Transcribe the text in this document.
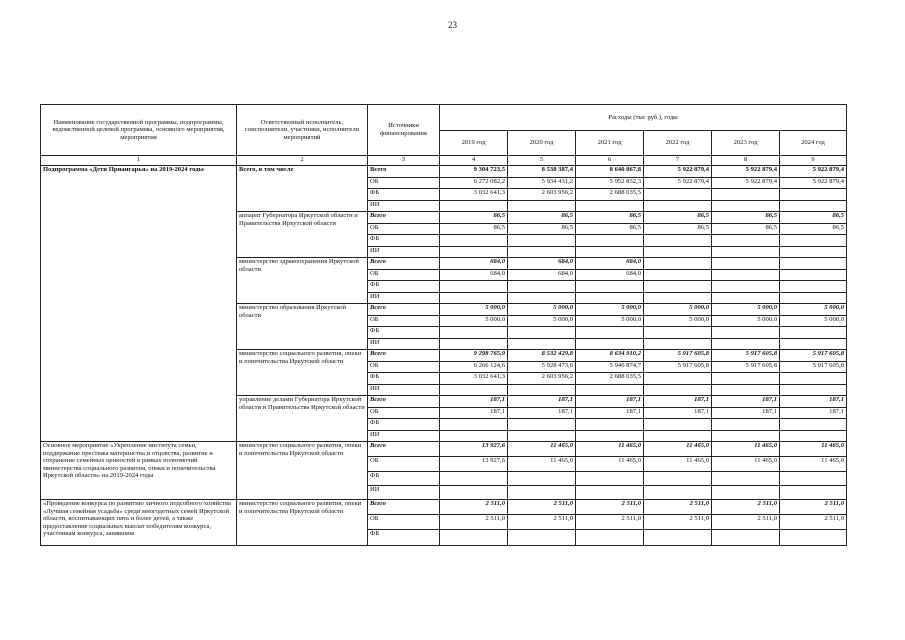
23
Наименование государственной программы, подпрограммы, ведомственной целевой программы, основного мероприятия, мероприятия	Ответственный исполнитель, соисполнители, участники, исполнители мероприятий	Источники финансирования	Расходы (тыс руб.), годы					
			2019 год	2020 год	2021 год	2022 год	2023 год	2024 год
1	2	3	4	5	6	7	8	9
Подпрограмма «Дети Приангарья» на 2019-2024 годы	Всего, в том числе	Всего	9 304 723,5	8 538 387,4	8 640 867,8	5 922 879,4	5 922 879,4	5 922 879,4
		ОБ	6 272 082,2	5 934 431,2	5 952 832,3	5 922 879,4	5 922 879,4	5 922 879,4
		ФБ	3 032 641,3	2 603 956,2	2 688 035,5			
		ИИ						
	аппарат Губернатора Иркутской области и Правительства Иркутской области	Всего	86,5	86,5	86,5	86,5	86,5	86,5
		ОБ	86,5	86,5	86,5	86,5	86,5	86,5
		ФБ						
		ИИ						
	министерство здравоохранения Иркутской области	Всего	684,0	684,0	684,0			
		ОБ	684,0	684,0	684,0			
		ФБ						
		ИИ						
	министерство образования Иркутской области	Всего	5 000,0	5 000,0	5 000,0	5 000,0	5 000,0	5 000,0
		ОБ	5 000,0	5 000,0	5 000,0	5 000,0	5 000,0	5 000,0
		ФБ						
		ИИ						
	министерство социального развития, опеки и попечительства Иркутской области	Всего	9 298 765,9	8 532 429,8	8 634 910,2	5 917 605,8	5 917 605,8	5 917 605,8
		ОБ	6 266 124,6	5 928 473,6	5 946 874,7	5 917 605,8	5 917 605,8	5 917 605,8
		ФБ	3 032 641,3	2 603 956,2	2 688 035,5			
		ИИ						
	управление делами Губернатора Иркутской области и Правительства Иркутской области	Всего	187,1	187,1	187,1	187,1	187,1	187,1
		ОБ	187,1	187,1	187,1	187,1	187,1	187,1
		ФБ						
		ИИ						
Основное мероприятие «Укрепление института семьи, поддержание престижа материнства и отцовства, развитие и сохранение семейных ценностей в рамках полномочий министерства социального развития, опеки и попечительства Иркутской области» на 2019-2024 годы	министерство социального развития, опеки и попечительства Иркутской области	Всего	13 927,6	11 465,0	11 465,0	11 465,0	11 465,0	11 465,0
		ОБ	13 927,6	11 465,0	11 465,0	11 465,0	11 465,0	11 465,0
		ФБ						
		ИИ						
«Проведение конкурса по развитию личного подсобного хозяйства «Лучшая семейная усадьба» среди многодетных семей Иркутской области, воспитывающих пять и более детей, а также предоставление социальных выплат победителям конкурса, участникам конкурса, занявшим	министерство социального развития, опеки и попечительства Иркутской области	Всего	2 511,0	2 511,0	2 511,0	2 511,0	2 511,0	2 511,0
		ОБ	2 511,0	2 511,0	2 511,0	2 511,0	2 511,0	2 511,0
		ФБ						
